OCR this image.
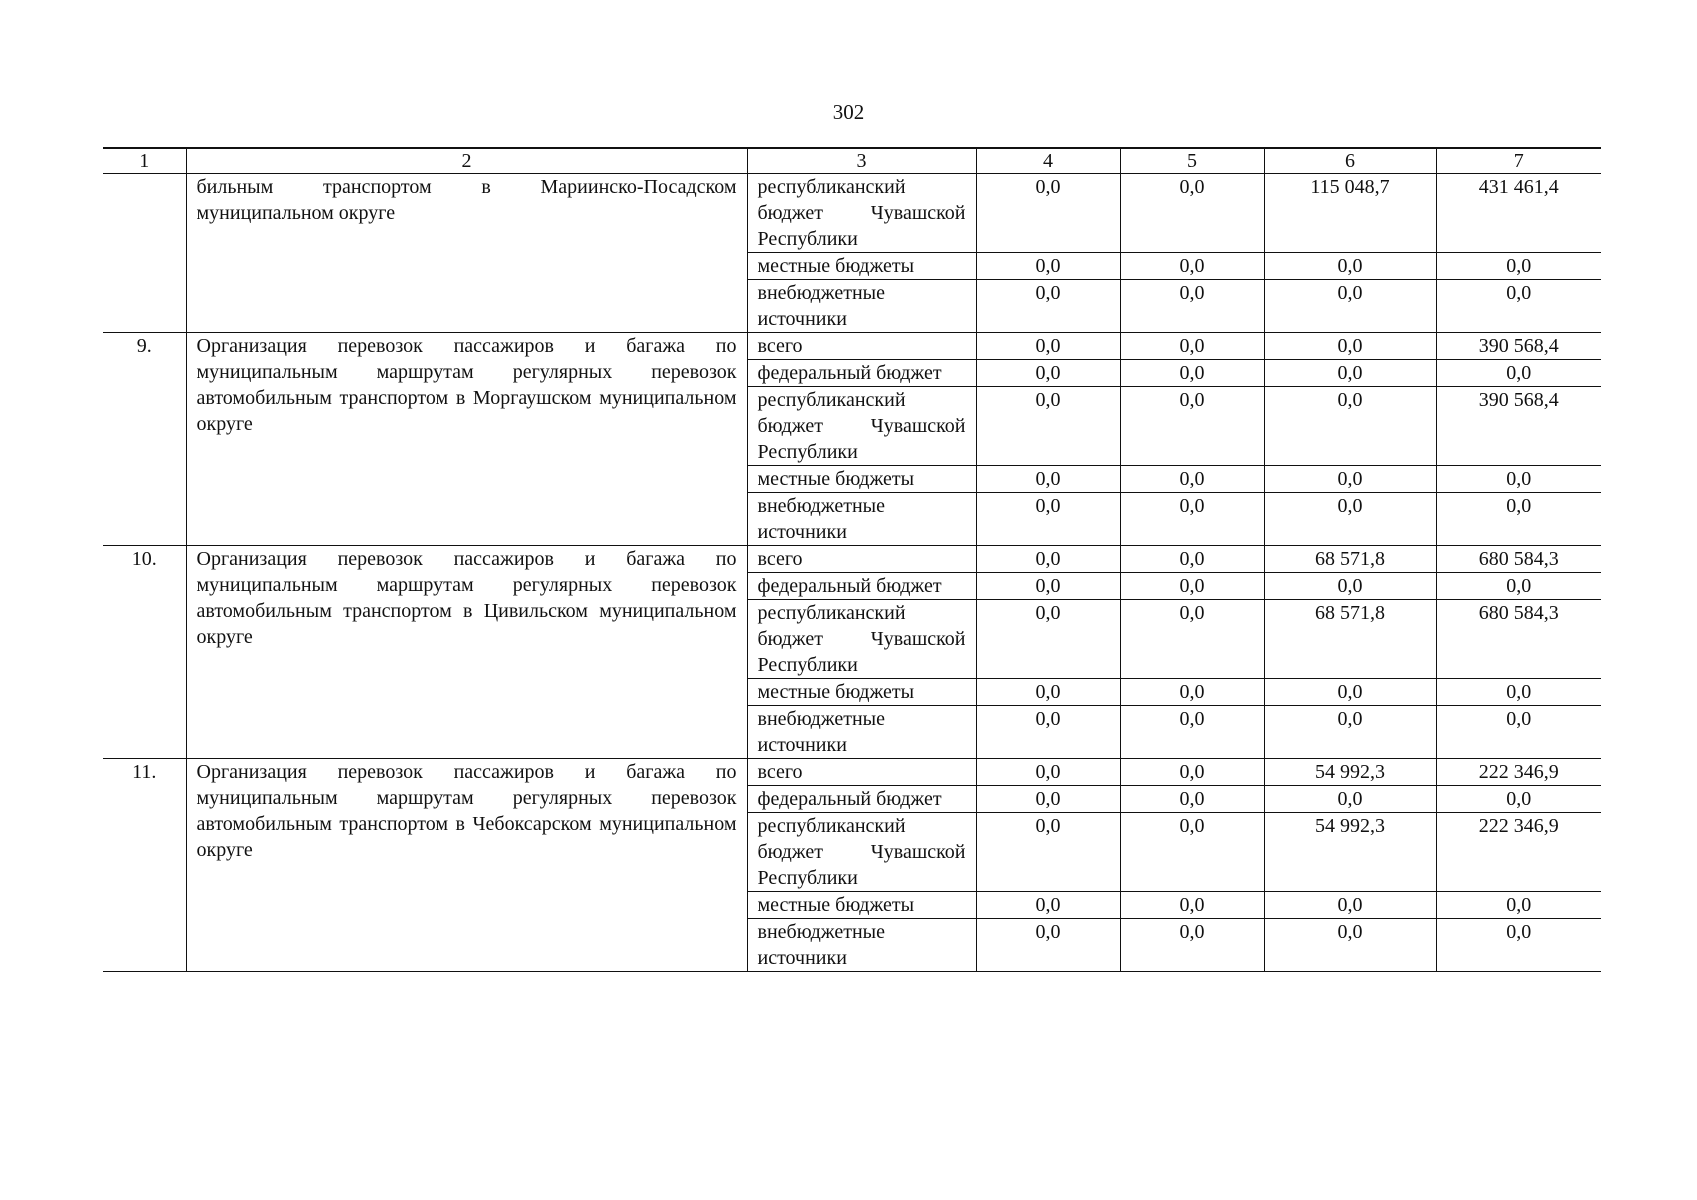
302
1	2	3	4	5	6	7
	бильным транспортом в Мариинско-Посадском муниципальном округе	республиканский бюджет Чувашской Республики	0,0	0,0	115 048,7	431 461,4
		местные бюджеты	0,0	0,0	0,0	0,0
		внебюджетные источники	0,0	0,0	0,0	0,0
9.	Организация перевозок пассажиров и багажа по муниципальным маршрутам регулярных перевозок автомобильным транспортом в Моргаушском муниципальном округе	всего	0,0	0,0	0,0	390 568,4
		федеральный бюджет	0,0	0,0	0,0	0,0
		республиканский бюджет Чувашской Республики	0,0	0,0	0,0	390 568,4
		местные бюджеты	0,0	0,0	0,0	0,0
		внебюджетные источники	0,0	0,0	0,0	0,0
10.	Организация перевозок пассажиров и багажа по муниципальным маршрутам регулярных перевозок автомобильным транспортом в Цивильском муниципальном округе	всего	0,0	0,0	68 571,8	680 584,3
		федеральный бюджет	0,0	0,0	0,0	0,0
		республиканский бюджет Чувашской Республики	0,0	0,0	68 571,8	680 584,3
		местные бюджеты	0,0	0,0	0,0	0,0
		внебюджетные источники	0,0	0,0	0,0	0,0
11.	Организация перевозок пассажиров и багажа по муниципальным маршрутам регулярных перевозок автомобильным транспортом в Чебоксарском муниципальном округе	всего	0,0	0,0	54 992,3	222 346,9
		федеральный бюджет	0,0	0,0	0,0	0,0
		республиканский бюджет Чувашской Республики	0,0	0,0	54 992,3	222 346,9
		местные бюджеты	0,0	0,0	0,0	0,0
		внебюджетные источники	0,0	0,0	0,0	0,0
